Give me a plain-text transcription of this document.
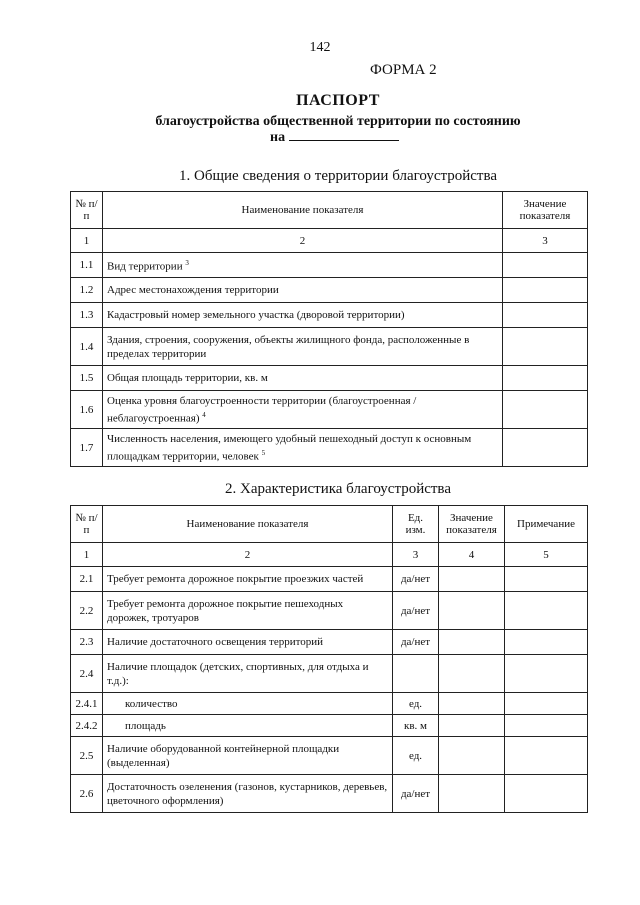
142
ФОРМА 2
ПАСПОРТ
благоустройства общественной территории по состоянию
на
1. Общие сведения о территории благоустройства
№ п/п	Наименование показателя	Значение показателя
1	2	3
1.1	Вид территории $^3$	
1.2	Адрес местонахождения территории	
1.3	Кадастровый номер земельного участка (дворовой территории)	
1.4	Здания, строения, сооружения, объекты жилищного фонда, расположенные в пределах территории	
1.5	Общая площадь территории, кв. м	
1.6	Оценка уровня благоустроенности территории (благоустроенная / неблагоустроенная) $^4$	
1.7	Численность населения, имеющего удобный пешеходный доступ к основным площадкам территории, человек $^5$	
2. Характеристика благоустройства
№ п/п	Наименование показателя	Ед. изм.	Значение показателя	Примечание
1	2	3	4	5
2.1	Требует ремонта дорожное покрытие проезжих частей	да/нет		
2.2	Требует ремонта дорожное покрытие пешеходных дорожек, тротуаров	да/нет		
2.3	Наличие достаточного освещения территорий	да/нет		
2.4	Наличие площадок (детских, спортивных, для отдыха и т.д.):			
2.4.1	количество	ед.		
2.4.2	площадь	кв. м		
2.5	Наличие оборудованной контейнерной площадки (выделенная)	ед.		
2.6	Достаточность озеленения (газонов, кустарников, деревьев, цветочного оформления)	да/нет		
